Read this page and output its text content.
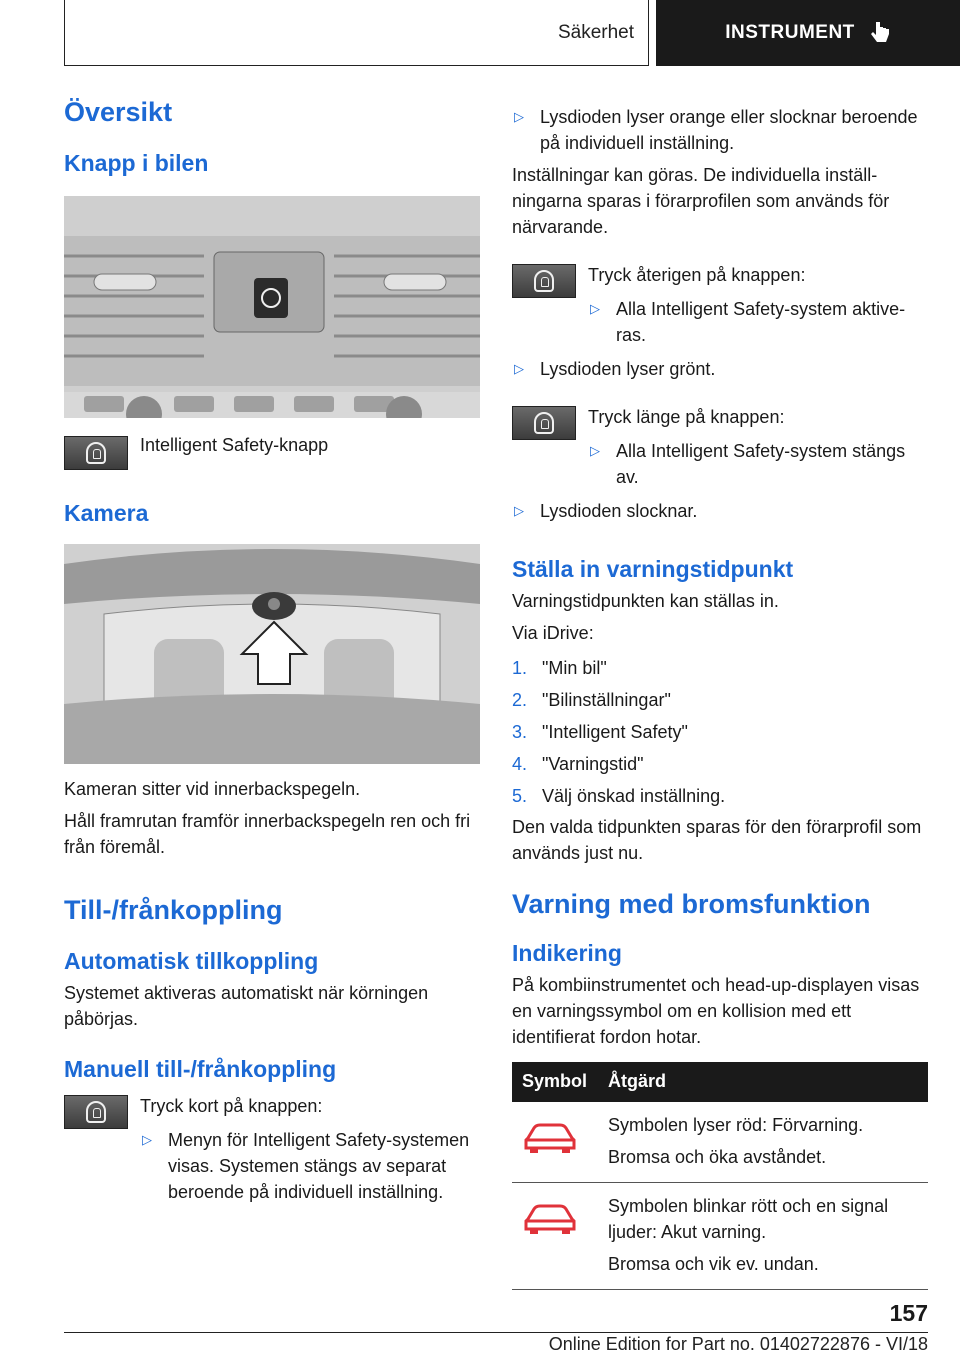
Säkerhet	INSTRUMENT
Översikt
Knapp i bilen

Intelligent Safety-knapp

Kamera

Kameran sitter vid innerbackspegeln.

Håll framrutan framför innerbackspegeln ren och fri från föremål.

Till-/frånkoppling
Automatisk tillkoppling

Systemet aktiveras automatiskt när körningen påbörjas.

Manuell till-/frånkoppling

Tryck kort på knappen:

▷ Menyn för Intelligent Safety-systemen visas. Systemen stängs av separat beroende på individuell inställning.
▷ Lysdioden lyser orange eller slocknar beroende på individuell inställning.

Inställningar kan göras. De individuella inställningarna sparas i förarprofilen som används för närvarande.

Tryck återigen på knappen:

▷ Alla Intelligent Safety-system aktiveras.
▷ Lysdioden lyser grönt.

Tryck länge på knappen:

▷ Alla Intelligent Safety-system stängs av.
▷ Lysdioden slocknar.
Ställa in varningstidpunkt

Varningstidpunkten kan ställas in.

Via iDrive:

1. "Min bil"
2. "Bilinställningar"
3. "Intelligent Safety"
4. "Varningstid"
5. Välj önskad inställning.

Den valda tidpunkten sparas för den förarprofil som används just nu.

Varning med bromsfunktion
Indikering

På kombiinstrumentet och head-up-displayen visas en varningssymbol om en kollision med ett identifierat fordon hotar.

Symbol	Åtgärd

Symbolen lyser röd: Förvarning.
Bromsa och öka avståndet.

Symbolen blinkar rött och en signal ljuder: Akut varning.
Bromsa och vik ev. undan.
157
Online Edition for Part no. 01402722876 - VI/18
